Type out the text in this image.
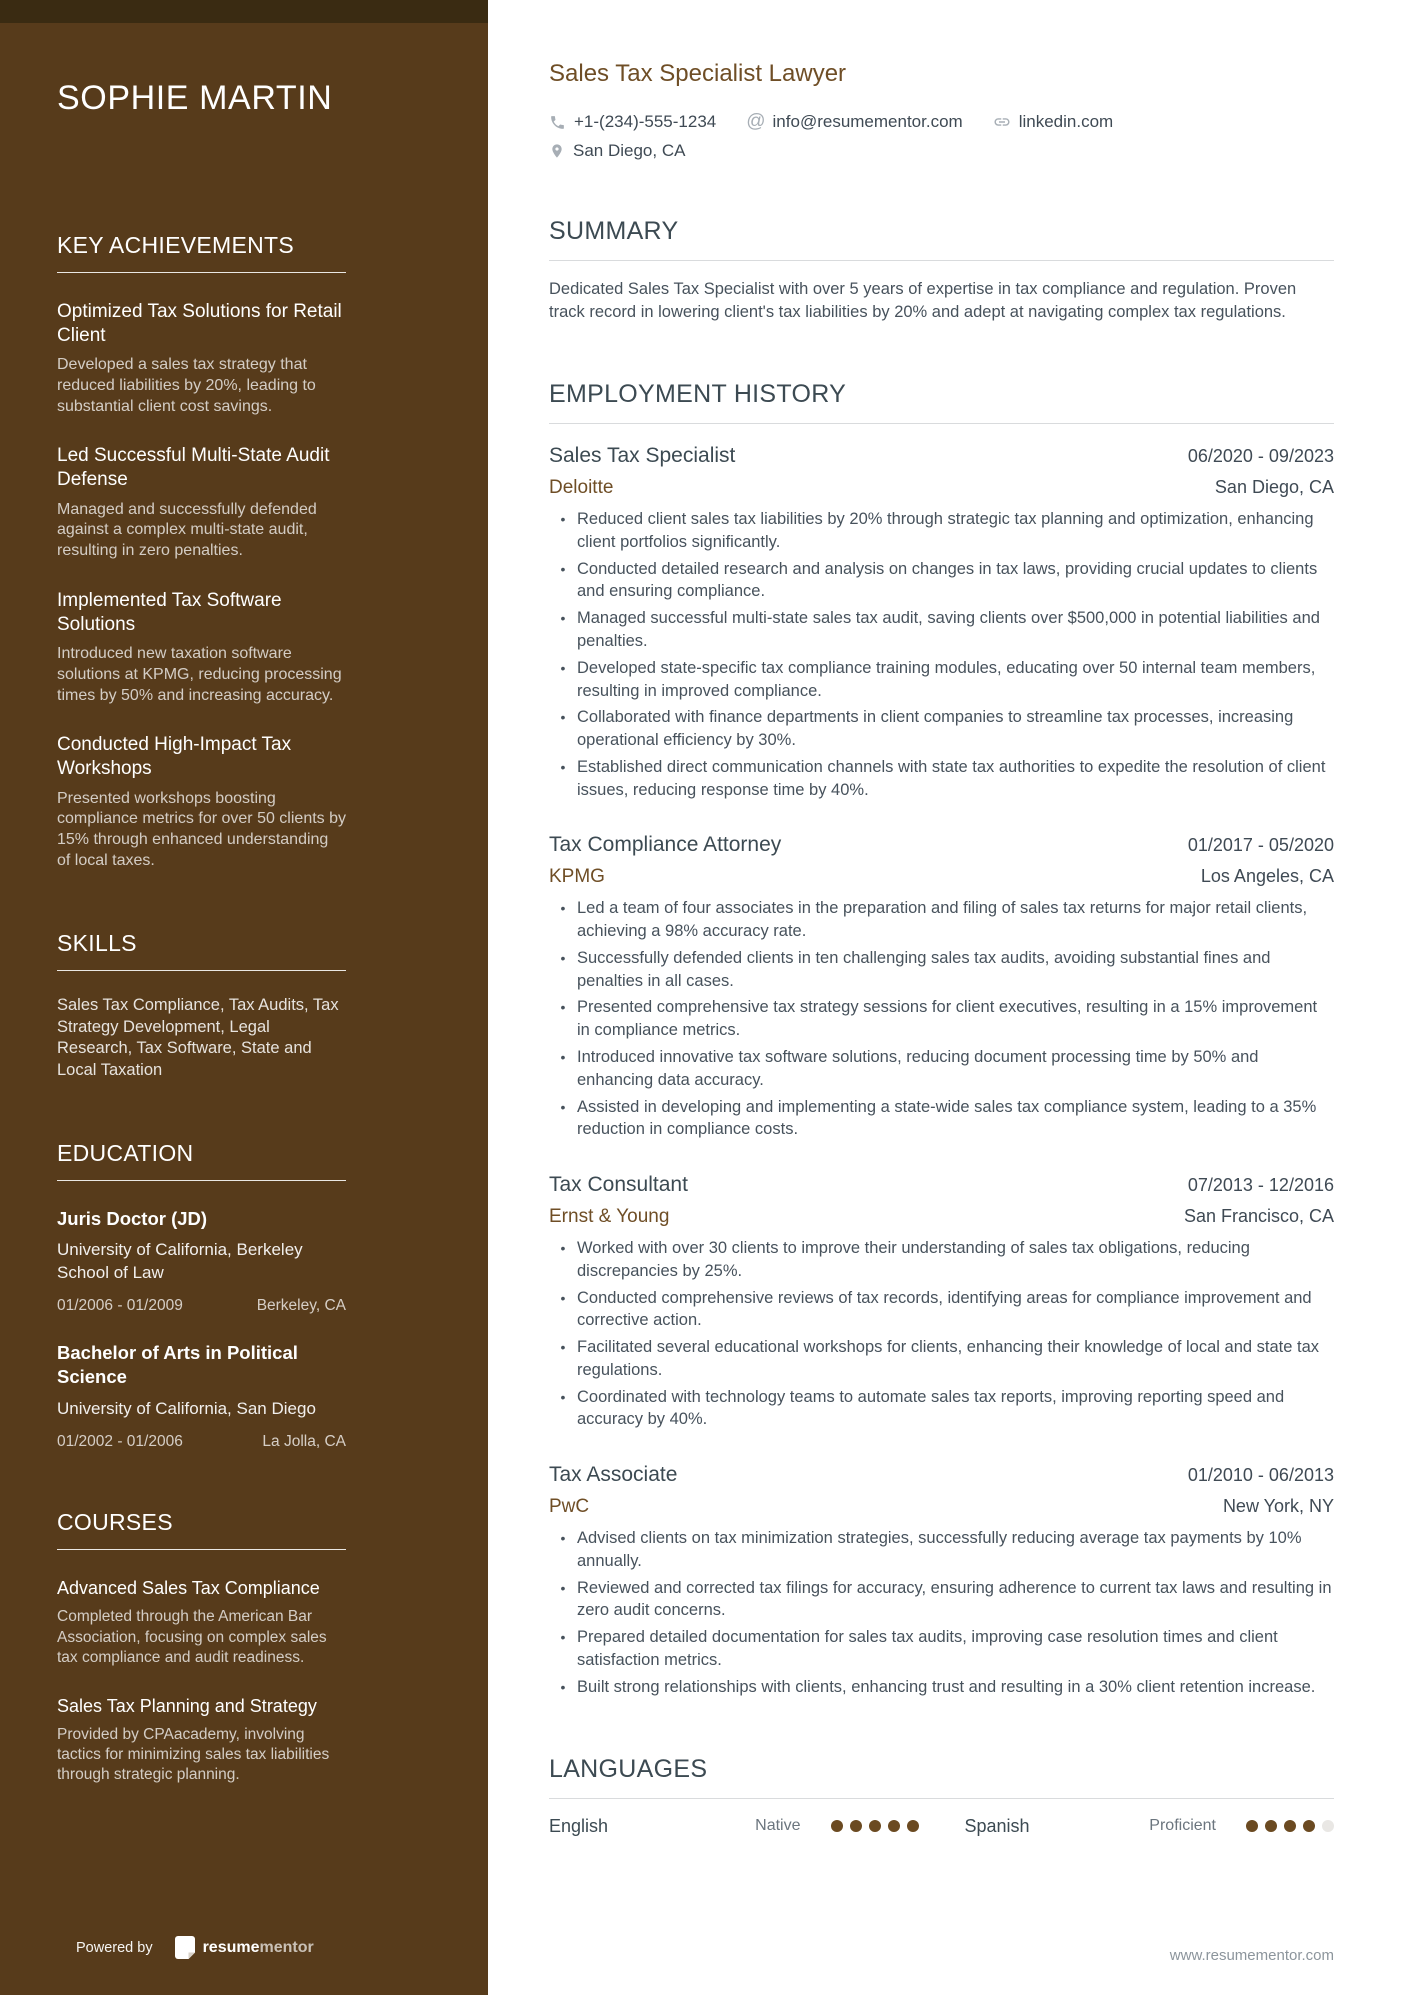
SOPHIE MARTIN
KEY ACHIEVEMENTS
Optimized Tax Solutions for Retail Client
Developed a sales tax strategy that reduced liabilities by 20%, leading to substantial client cost savings.
Led Successful Multi-State Audit Defense
Managed and successfully defended against a complex multi-state audit, resulting in zero penalties.
Implemented Tax Software Solutions
Introduced new taxation software solutions at KPMG, reducing processing times by 50% and increasing accuracy.
Conducted High-Impact Tax Workshops
Presented workshops boosting compliance metrics for over 50 clients by 15% through enhanced understanding of local taxes.
SKILLS

Sales Tax Compliance, Tax Audits, Tax Strategy Development, Legal Research, Tax Software, State and Local Taxation

EDUCATION
Juris Doctor (JD)
University of California, Berkeley School of Law
01/2006 - 01/2009	Berkeley, CA
Bachelor of Arts in Political Science
University of California, San Diego
01/2002 - 01/2006	La Jolla, CA
COURSES
Advanced Sales Tax Compliance
Completed through the American Bar Association, focusing on complex sales tax compliance and audit readiness.
Sales Tax Planning and Strategy
Provided by CPAacademy, involving tactics for minimizing sales tax liabilities through strategic planning.
Powered by	resumementor
Sales Tax Specialist Lawyer
+1-(234)-555-1234 @ info@resumementor.com	linkedin.com
San Diego, CA
SUMMARY

Dedicated Sales Tax Specialist with over 5 years of expertise in tax compliance and regulation. Proven track record in lowering client's tax liabilities by 20% and adept at navigating complex tax regulations.

EMPLOYMENT HISTORY
Sales Tax Specialist	06/2020 - 09/2023
Deloitte	San Diego, CA
• Reduced client sales tax liabilities by 20% through strategic tax planning and optimization, enhancing client portfolios significantly.
• Conducted detailed research and analysis on changes in tax laws, providing crucial updates to clients and ensuring compliance.
• Managed successful multi-state sales tax audit, saving clients over $500,000 in potential liabilities and penalties.
• Developed state-specific tax compliance training modules, educating over 50 internal team members, resulting in improved compliance.
• Collaborated with finance departments in client companies to streamline tax processes, increasing operational efficiency by 30%.
• Established direct communication channels with state tax authorities to expedite the resolution of client issues, reducing response time by 40%.
Tax Compliance Attorney	01/2017 - 05/2020
KPMG	Los Angeles, CA
• Led a team of four associates in the preparation and filing of sales tax returns for major retail clients, achieving a 98% accuracy rate.
• Successfully defended clients in ten challenging sales tax audits, avoiding substantial fines and penalties in all cases.
• Presented comprehensive tax strategy sessions for client executives, resulting in a 15% improvement in compliance metrics.
• Introduced innovative tax software solutions, reducing document processing time by 50% and enhancing data accuracy.
• Assisted in developing and implementing a state-wide sales tax compliance system, leading to a 35% reduction in compliance costs.
Tax Consultant	07/2013 - 12/2016
Ernst & Young	San Francisco, CA
• Worked with over 30 clients to improve their understanding of sales tax obligations, reducing discrepancies by 25%.
• Conducted comprehensive reviews of tax records, identifying areas for compliance improvement and corrective action.
• Facilitated several educational workshops for clients, enhancing their knowledge of local and state tax regulations.
• Coordinated with technology teams to automate sales tax reports, improving reporting speed and accuracy by 40%.
Tax Associate	01/2010 - 06/2013
PwC	New York, NY
• Advised clients on tax minimization strategies, successfully reducing average tax payments by 10% annually.
• Reviewed and corrected tax filings for accuracy, ensuring adherence to current tax laws and resulting in zero audit concerns.
• Prepared detailed documentation for sales tax audits, improving case resolution times and client satisfaction metrics.
• Built strong relationships with clients, enhancing trust and resulting in a 30% client retention increase.
LANGUAGES
English	Native	Spanish	Proficient
www.resumementor.com
